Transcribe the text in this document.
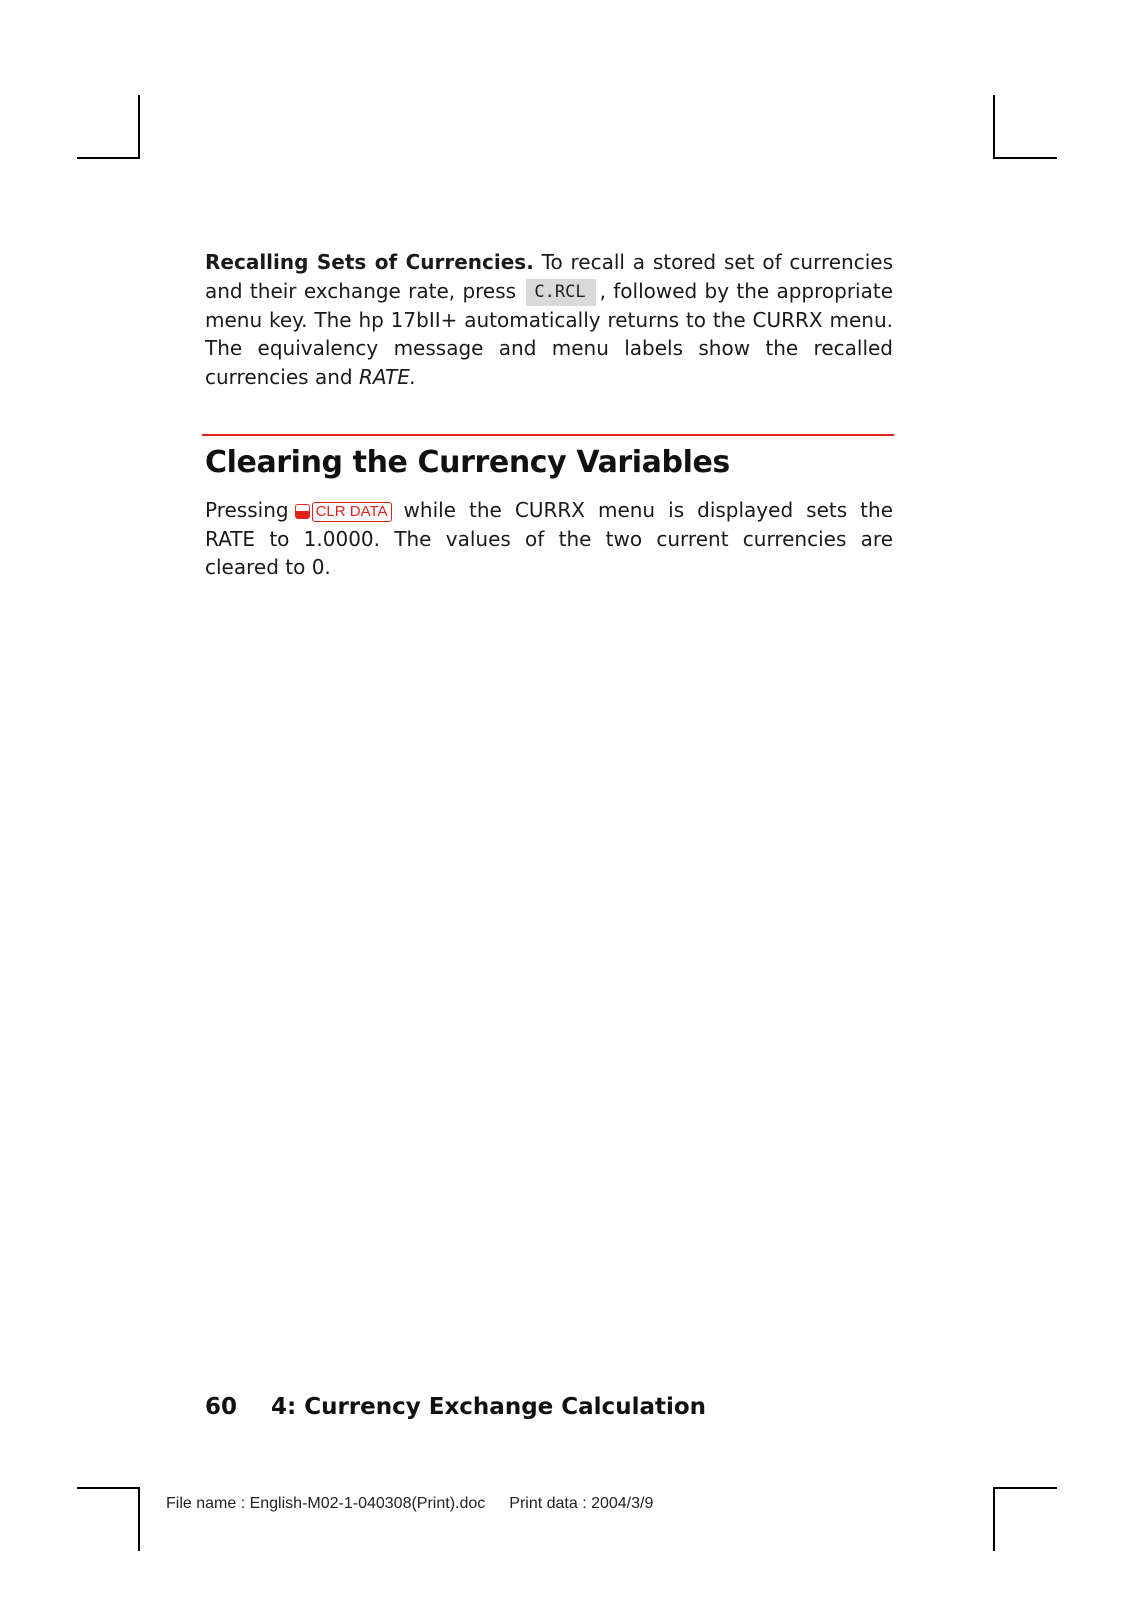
Recalling Sets of Currencies. To recall a stored set of currencies and their exchange rate, press C.RCL , followed by the appropriate menu key. The hp 17bII+ automatically returns to the CURRX menu. The equivalency message and menu labels show the recalled currencies and RATE.

Clearing the Currency Variables

Pressing CLR DATA while the CURRX menu is displayed sets the RATE to 1.0000. The values of the two current currencies are cleared to 0.

60 4: Currency Exchange Calculation
File name : English-M02-1-040308(Print).doc Print data : 2004/3/9
